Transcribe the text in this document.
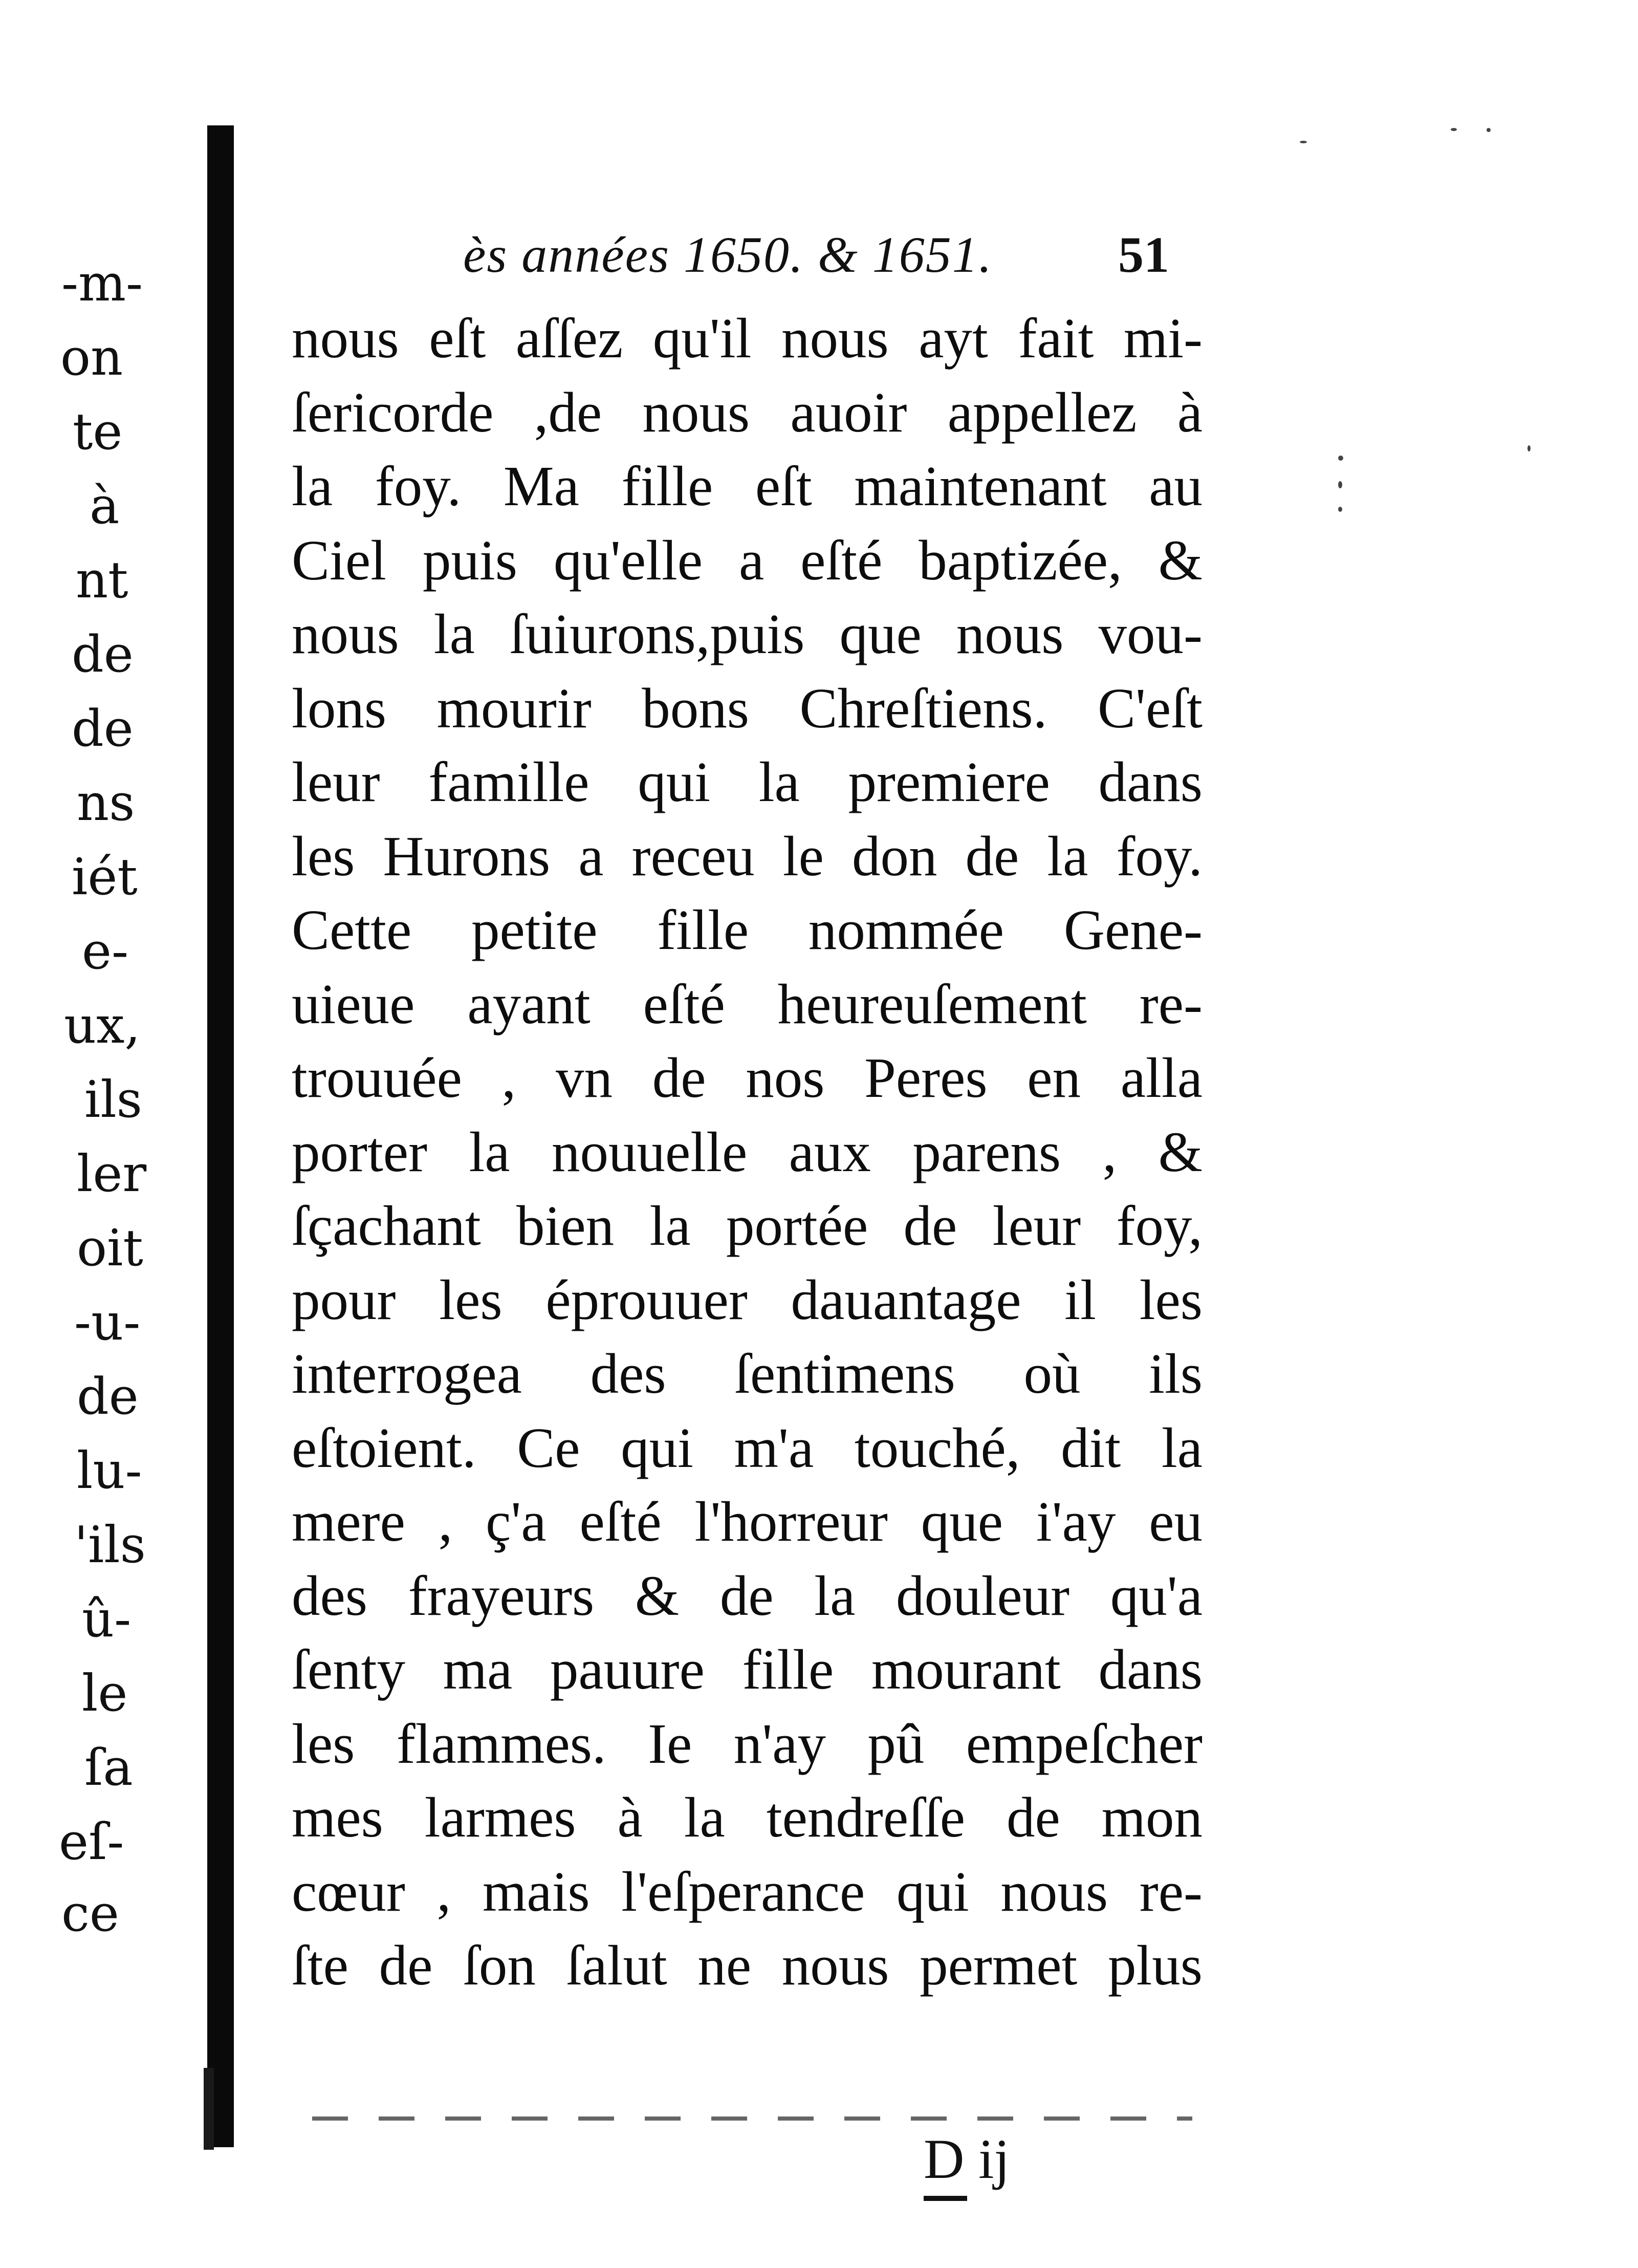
-m-
on
te
à
nt
de
de
ns
iét
e-
ux,
ils
ler
oit
-u-
de
lu-
'ils
û-
le
ſa
eſ-
ce
ès années 1650. & 1651. 51
nous eſt aſſez qu'il nous ayt fait mi-
ſericorde ,de nous auoir appellez à
la foy. Ma fille eſt maintenant au
Ciel puis qu'elle a eſté baptizée, &
nous la ſuiurons,puis que nous vou-
lons mourir bons Chreſtiens. C'eſt
leur famille qui la premiere dans
les Hurons a receu le don de la foy.
Cette petite fille nommée Gene-
uieue ayant eſté heureuſement re-
trouuée , vn de nos Peres en alla
porter la nouuelle aux parens , &
ſçachant bien la portée de leur foy,
pour les éprouuer dauantage il les
interrogea des ſentimens où ils
eſtoient. Ce qui m'a touché, dit la
mere , ç'a eſté l'horreur que i'ay eu
des frayeurs & de la douleur qu'a
ſenty ma pauure fille mourant dans
les flammes. Ie n'ay pû empeſcher
mes larmes à la tendreſſe de mon
cœur , mais l'eſperance qui nous re-
ſte de ſon ſalut ne nous permet plus
D ij
